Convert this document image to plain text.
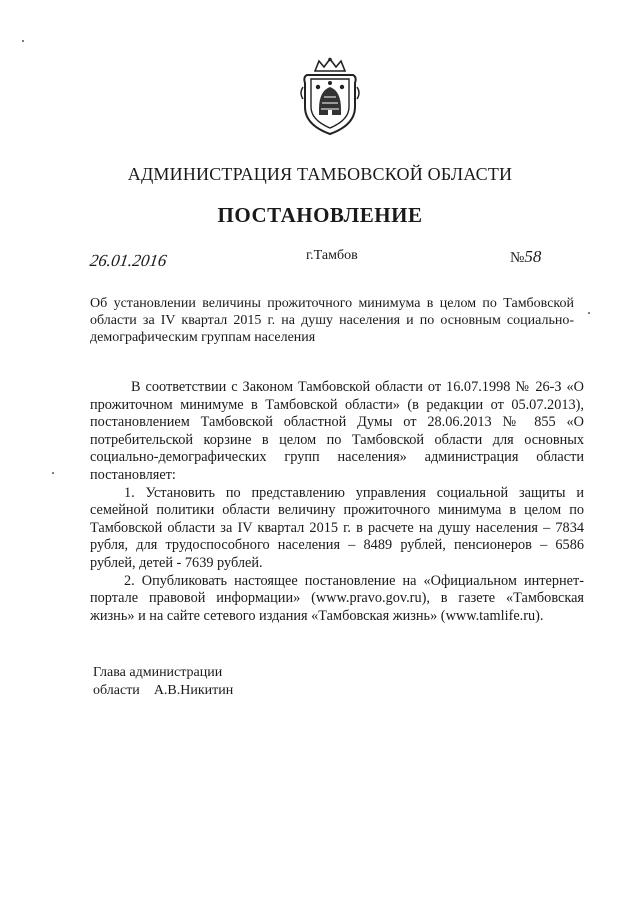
АДМИНИСТРАЦИЯ ТАМБОВСКОЙ ОБЛАСТИ
ПОСТАНОВЛЕНИЕ
26.01.2016	г.Тамбов	№58
Об установлении величины прожиточного минимума в целом по Тамбовской области за IV квартал 2015 г. на душу населения и по основным социально-демографическим группам населения

В соответствии с Законом Тамбовской области от 16.07.1998 № 26-З «О прожиточном минимуме в Тамбовской области» (в редакции от 05.07.2013), постановлением Тамбовской областной Думы от 28.06.2013 № 855 «О потребительской корзине в целом по Тамбовской области для основных социально-демографических групп населения» администрация области постановляет:

1. Установить по представлению управления социальной защиты и семейной политики области величину прожиточного минимума в целом по Тамбовской области за IV квартал 2015 г. в расчете на душу населения – 7834 рубля, для трудоспособного населения – 8489 рублей, пенсионеров – 6586 рублей, детей - 7639 рублей.

2. Опубликовать настоящее постановление на «Официальном интернет-портале правовой информации» (www.pravo.gov.ru), в газете «Тамбовская жизнь» и на сайте сетевого издания «Тамбовская жизнь» (www.tamlife.ru).

Глава администрации
области А.В.Никитин
